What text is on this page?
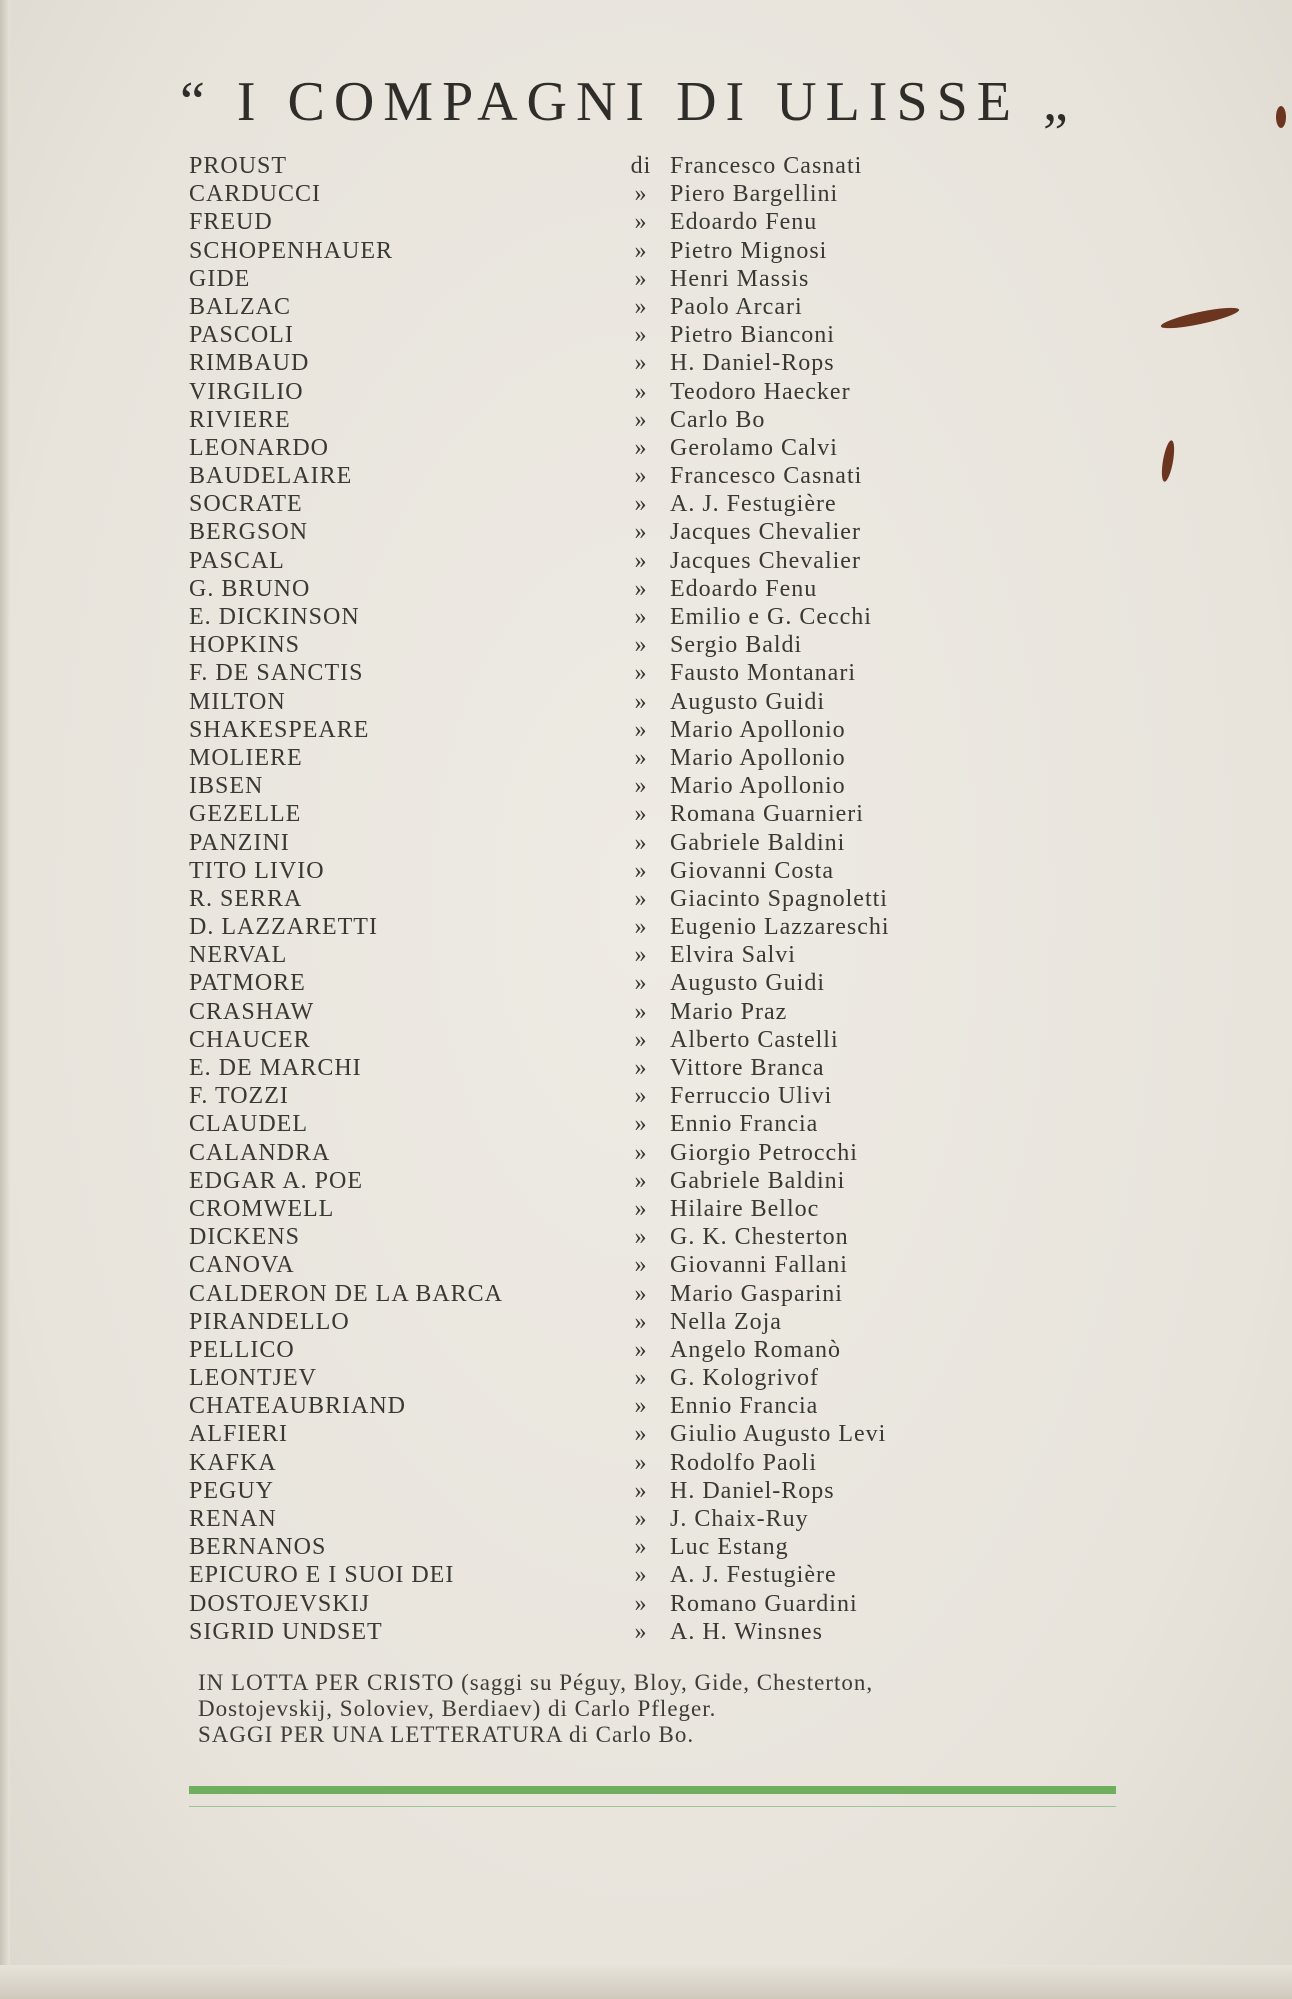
“ I COMPAGNI DI ULISSE „
PROUST	di Francesco Casnati
CARDUCCI	» Piero Bargellini
FREUD	» Edoardo Fenu
SCHOPENHAUER	» Pietro Mignosi
GIDE	» Henri Massis
BALZAC	» Paolo Arcari
PASCOLI	» Pietro Bianconi
RIMBAUD	» H. Daniel-Rops
VIRGILIO	» Teodoro Haecker
RIVIERE	» Carlo Bo
LEONARDO	» Gerolamo Calvi
BAUDELAIRE	» Francesco Casnati
SOCRATE	» A. J. Festugière
BERGSON	» Jacques Chevalier
PASCAL	» Jacques Chevalier
G. BRUNO	» Edoardo Fenu
E. DICKINSON	» Emilio e G. Cecchi
HOPKINS	» Sergio Baldi
F. DE SANCTIS	» Fausto Montanari
MILTON	» Augusto Guidi
SHAKESPEARE	» Mario Apollonio
MOLIERE	» Mario Apollonio
IBSEN	» Mario Apollonio
GEZELLE	» Romana Guarnieri
PANZINI	» Gabriele Baldini
TITO LIVIO	» Giovanni Costa
R. SERRA	» Giacinto Spagnoletti
D. LAZZARETTI	» Eugenio Lazzareschi
NERVAL	» Elvira Salvi
PATMORE	» Augusto Guidi
CRASHAW	» Mario Praz
CHAUCER	» Alberto Castelli
E. DE MARCHI	» Vittore Branca
F. TOZZI	» Ferruccio Ulivi
CLAUDEL	» Ennio Francia
CALANDRA	» Giorgio Petrocchi
EDGAR A. POE	» Gabriele Baldini
CROMWELL	» Hilaire Belloc
DICKENS	» G. K. Chesterton
CANOVA	» Giovanni Fallani
CALDERON DE LA BARCA	» Mario Gasparini
PIRANDELLO	» Nella Zoja
PELLICO	» Angelo Romanò
LEONTJEV	» G. Kologrivof
CHATEAUBRIAND	» Ennio Francia
ALFIERI	» Giulio Augusto Levi
KAFKA	» Rodolfo Paoli
PEGUY	» H. Daniel-Rops
RENAN	» J. Chaix-Ruy
BERNANOS	» Luc Estang
EPICURO E I SUOI DEI	» A. J. Festugière
DOSTOJEVSKIJ	» Romano Guardini
SIGRID UNDSET	» A. H. Winsnes
IN LOTTA PER CRISTO (saggi su Péguy, Bloy, Gide, Chesterton,
Dostojevskij, Soloviev, Berdiaev) di Carlo Pfleger.
SAGGI PER UNA LETTERATURA di Carlo Bo.
